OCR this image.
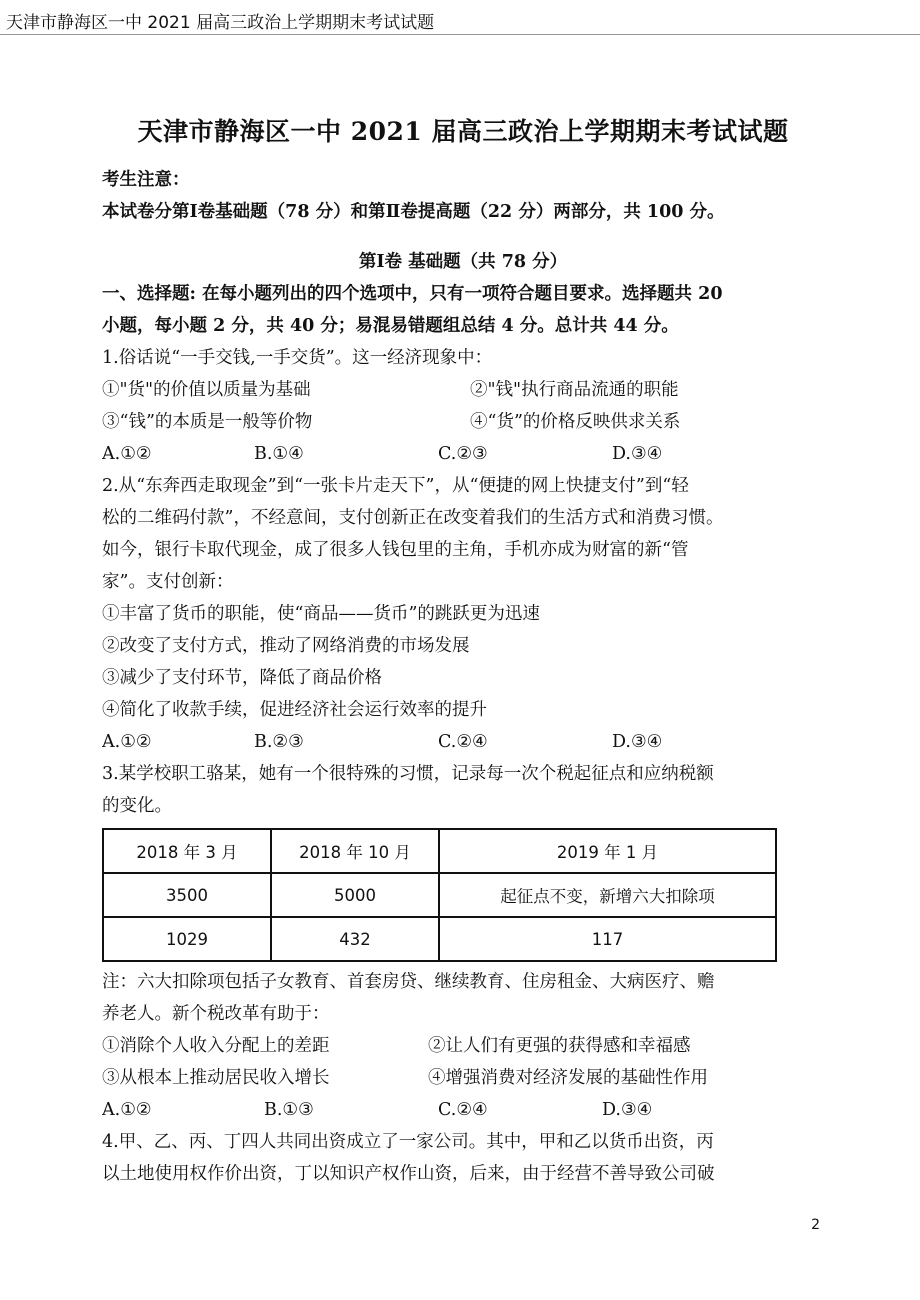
天津市静海区一中 2021 届高三政治上学期期末考试试题
天津市静海区一中 2021 届高三政治上学期期末考试试题
考生注意：
本试卷分第Ⅰ卷基础题（78 分）和第Ⅱ卷提高题（22 分）两部分，共 100 分。
第Ⅰ卷 基础题（共 78 分）
一、选择题: 在每小题列出的四个选项中，只有一项符合题目要求。选择题共 20
小题，每小题 2 分，共 40 分；易混易错题组总结 4 分。总计共 44 分。
1.俗话说“一手交钱,一手交货”。这一经济现象中：
①"货"的价值以质量为基础	②"钱"执行商品流通的职能
③“钱”的本质是一般等价物	④“货”的价格反映供求关系
A.①②	B.①④	C.②③	D.③④
2.从“东奔西走取现金”到“一张卡片走天下”，从“便捷的网上快捷支付”到“轻
松的二维码付款”，不经意间，支付创新正在改变着我们的生活方式和消费习惯。
如今，银行卡取代现金，成了很多人钱包里的主角，手机亦成为财富的新“管
家”。支付创新：
①丰富了货币的职能，使“商品——货币”的跳跃更为迅速
②改变了支付方式，推动了网络消费的市场发展
③减少了支付环节，降低了商品价格
④简化了收款手续，促进经济社会运行效率的提升
A.①②	B.②③	C.②④	D.③④
3.某学校职工骆某，她有一个很特殊的习惯，记录每一次个税起征点和应纳税额
的变化。
2018 年 3 月	2018 年 10 月	2019 年 1 月
3500	5000	起征点不变，新增六大扣除项
1029	432	117
注：六大扣除项包括子女教育、首套房贷、继续教育、住房租金、大病医疗、赡
养老人。新个税改革有助于：
①消除个人收入分配上的差距	②让人们有更强的获得感和幸福感
③从根本上推动居民收入增长	④增强消费对经济发展的基础性作用
A.①②	B.①③	C.②④	D.③④
4.甲、乙、丙、丁四人共同出资成立了一家公司。其中，甲和乙以货币出资，丙
以土地使用权作价出资，丁以知识产权作山资，后来，由于经营不善导致公司破
2
